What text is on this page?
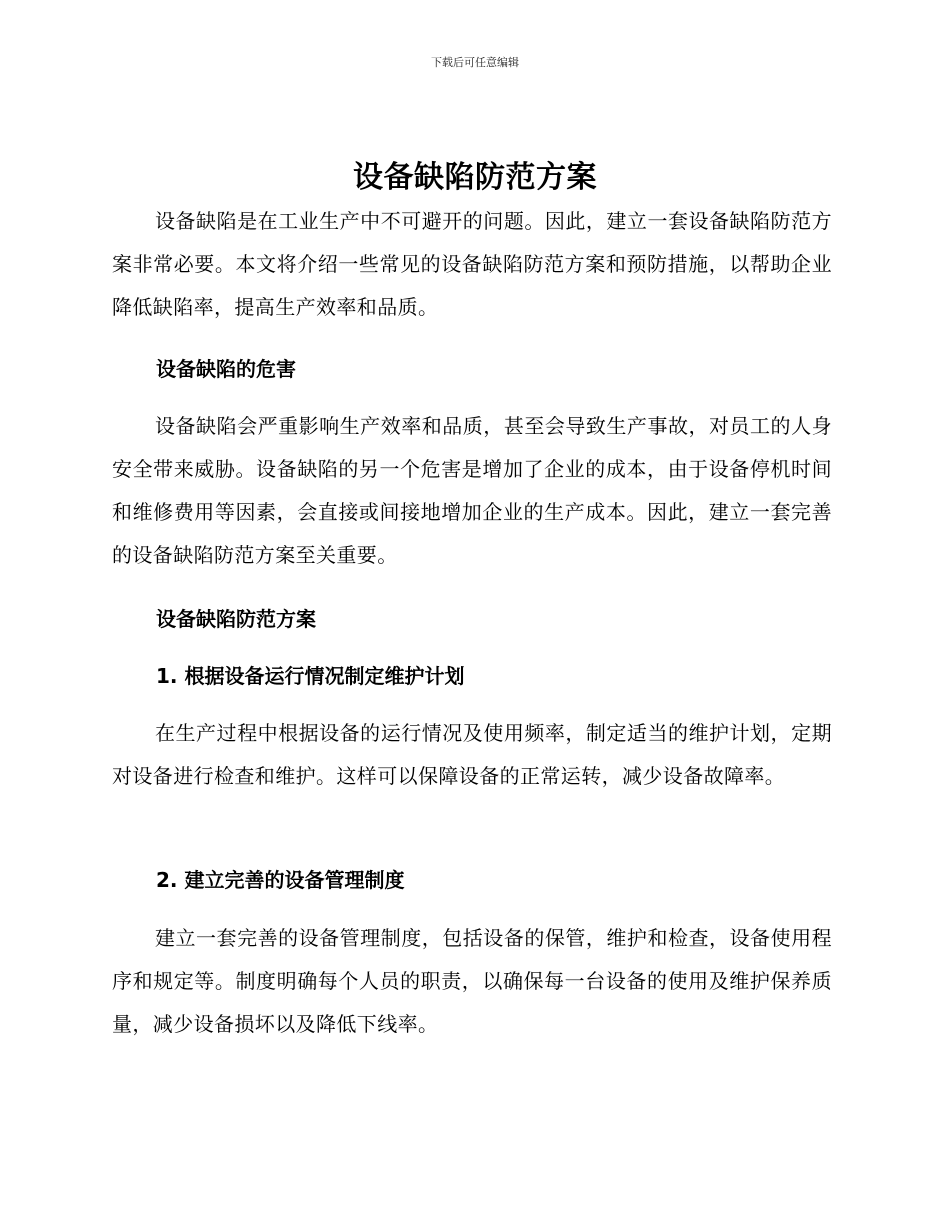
下载后可任意编辑
设备缺陷防范方案

设备缺陷是在工业生产中不可避开的问题。因此，建立一套设备缺陷防范方案非常必要。本文将介绍一些常见的设备缺陷防范方案和预防措施，以帮助企业降低缺陷率，提高生产效率和品质。

设备缺陷的危害

设备缺陷会严重影响生产效率和品质，甚至会导致生产事故，对员工的人身安全带来威胁。设备缺陷的另一个危害是增加了企业的成本，由于设备停机时间和维修费用等因素，会直接或间接地增加企业的生产成本。因此，建立一套完善的设备缺陷防范方案至关重要。

设备缺陷防范方案
1. 根据设备运行情况制定维护计划

在生产过程中根据设备的运行情况及使用频率，制定适当的维护计划，定期对设备进行检查和维护。这样可以保障设备的正常运转，减少设备故障率。

2. 建立完善的设备管理制度

建立一套完善的设备管理制度，包括设备的保管，维护和检查，设备使用程序和规定等。制度明确每个人员的职责，以确保每一台设备的使用及维护保养质量，减少设备损坏以及降低下线率。
